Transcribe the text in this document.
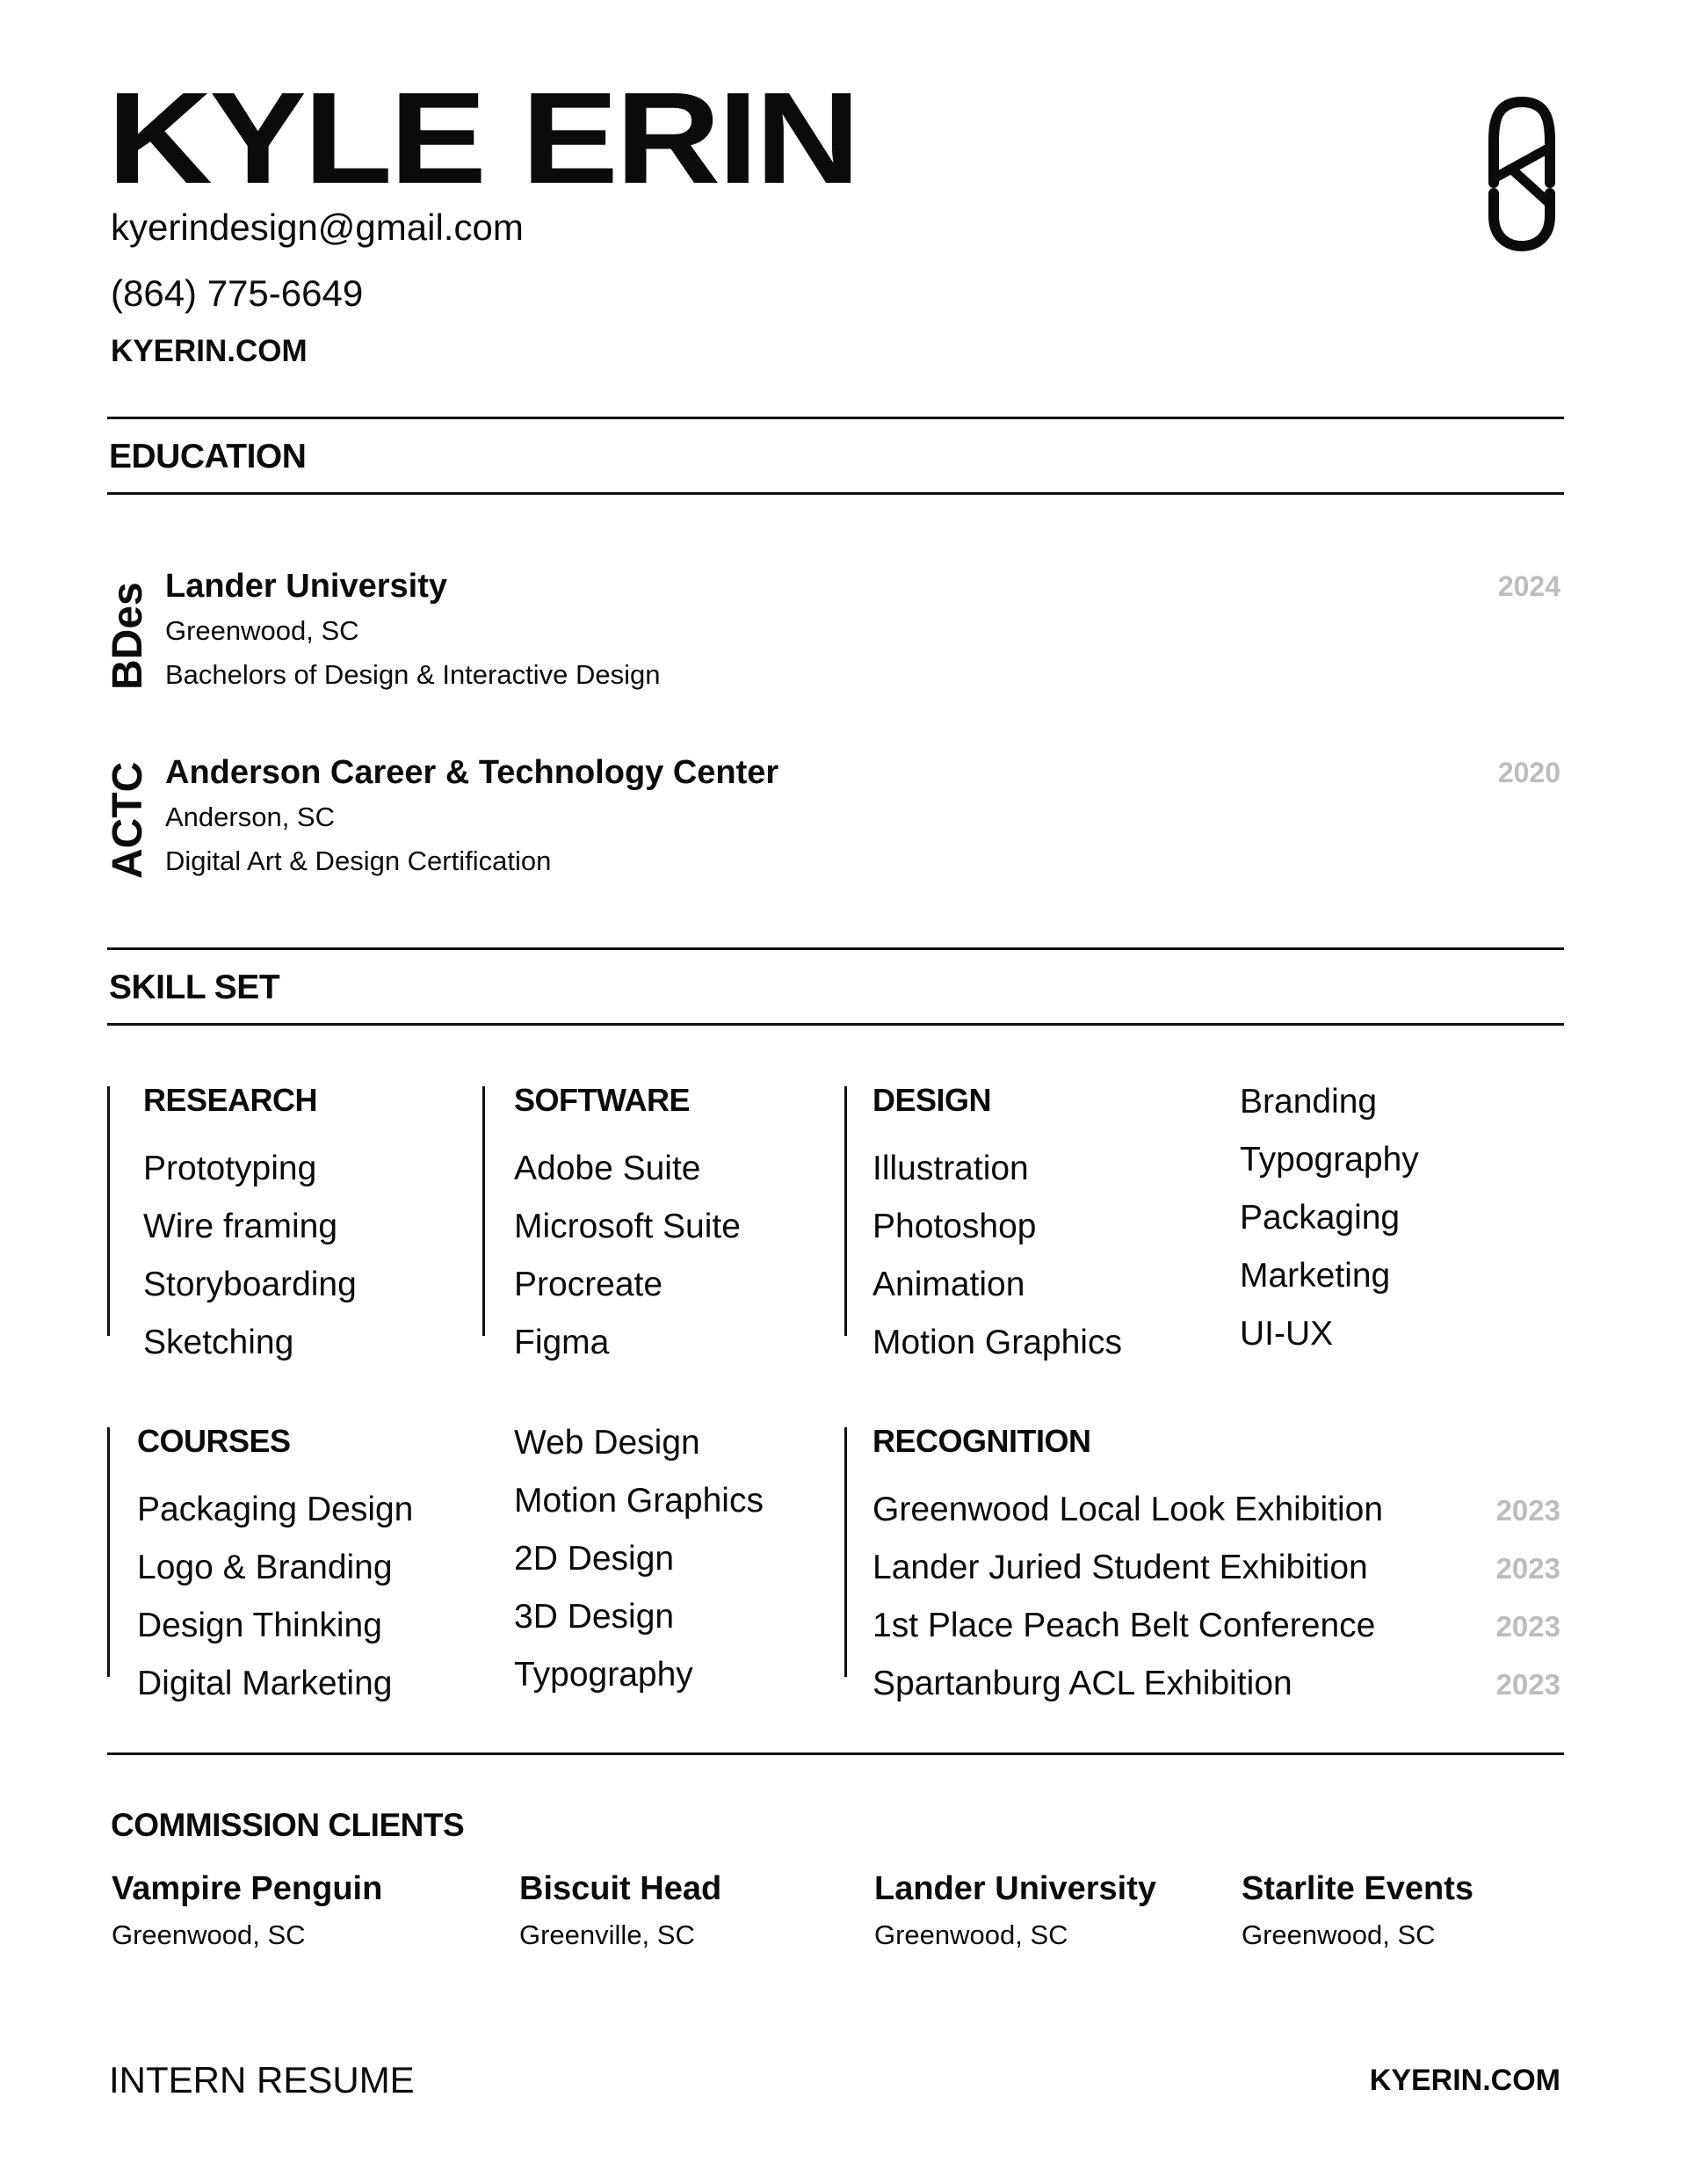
KYLE ERIN
kyerindesign@gmail.com
(864) 775-6649
KYERIN.COM
EDUCATION
BDes Lander University
Greenwood, SC
Bachelors of Design & Interactive Design
2024
ACTC Anderson Career & Technology Center
Anderson, SC
Digital Art & Design Certification
2020
SKILL SET
RESEARCH
Prototyping
Wire framing
Storyboarding
Sketching
SOFTWARE
Adobe Suite
Microsoft Suite
Procreate
Figma
DESIGN
Illustration
Photoshop
Animation
Motion Graphics
Branding
Typography
Packaging
Marketing
UI-UX
COURSES
Packaging Design
Logo & Branding
Design Thinking
Digital Marketing
Web Design
Motion Graphics
2D Design
3D Design
Typography
RECOGNITION
Greenwood Local Look Exhibition	2023
Lander Juried Student Exhibition	2023
1st Place Peach Belt Conference	2023
Spartanburg ACL Exhibition	2023
COMMISSION CLIENTS
Vampire Penguin
Greenwood, SC
Biscuit Head
Greenville, SC
Lander University
Greenwood, SC
Starlite Events
Greenwood, SC
INTERN RESUME	KYERIN.COM
